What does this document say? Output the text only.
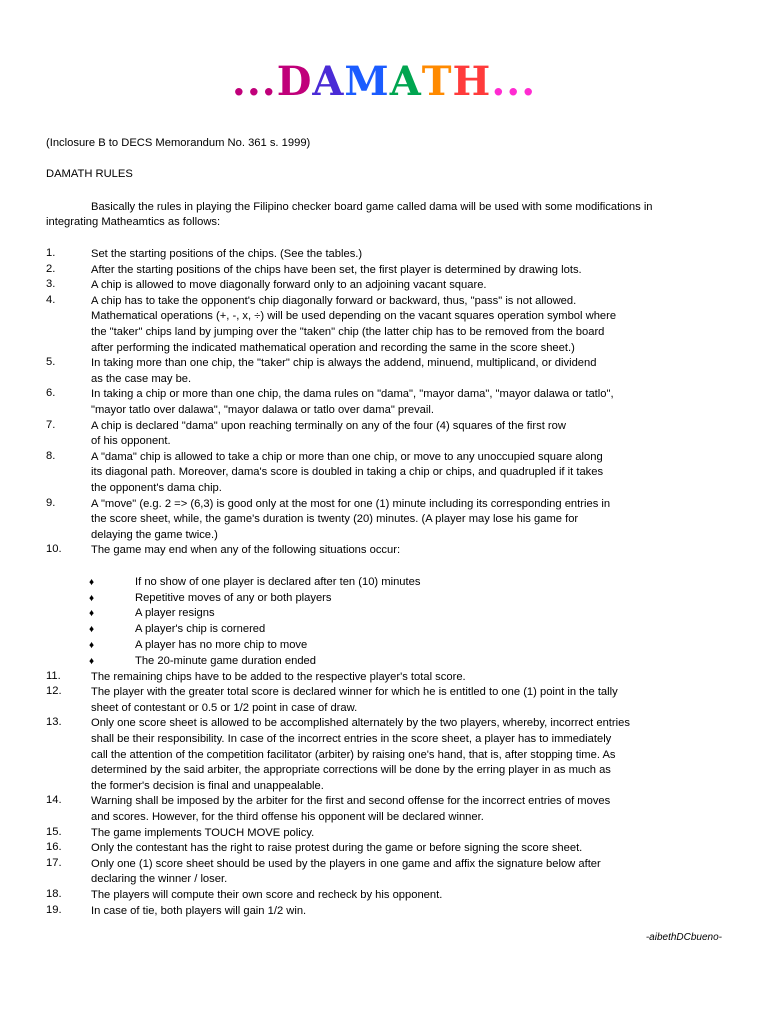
...DAMATH...
(Inclosure B to DECS Memorandum No. 361 s. 1999)
DAMATH RULES
Basically the rules in playing the Filipino checker board game called dama will be used with some modifications in
integrating Matheamtics as follows:
1.	Set the starting positions of the chips. (See the tables.)
2.	After the starting positions of the chips have been set, the first player is determined by drawing lots.
3.	A chip is allowed to move diagonally forward only to an adjoining vacant square.
4.	A chip has to take the opponent's chip diagonally forward or backward, thus, "pass" is not allowed.
Mathematical operations (+, -, x, ÷) will be used depending on the vacant squares operation symbol where
the "taker" chips land by jumping over the "taken" chip (the latter chip has to be removed from the board
after performing the indicated mathematical operation and recording the same in the score sheet.)
5.	In taking more than one chip, the "taker" chip is always the addend, minuend, multiplicand, or dividend
as the case may be.
6.	In taking a chip or more than one chip, the dama rules on "dama", "mayor dama", "mayor dalawa or tatlo",
"mayor tatlo over dalawa", "mayor dalawa or tatlo over dama" prevail.
7.	A chip is declared "dama" upon reaching terminally on any of the four (4) squares of the first row
of his opponent.
8.	A "dama" chip is allowed to take a chip or more than one chip, or move to any unoccupied square along
its diagonal path. Moreover, dama's score is doubled in taking a chip or chips, and quadrupled if it takes
the opponent's dama chip.
9.	A "move" (e.g. 2 => (6,3) is good only at the most for one (1) minute including its corresponding entries in
the score sheet, while, the game's duration is twenty (20) minutes. (A player may lose his game for
delaying the game twice.)
10.	The game may end when any of the following situations occur:
♦	If no show of one player is declared after ten (10) minutes
♦	Repetitive moves of any or both players
♦	A player resigns
♦	A player's chip is cornered
♦	A player has no more chip to move
♦	The 20-minute game duration ended
11.	The remaining chips have to be added to the respective player's total score.
12.	The player with the greater total score is declared winner for which he is entitled to one (1) point in the tally
sheet of contestant or 0.5 or 1/2 point in case of draw.
13.	Only one score sheet is allowed to be accomplished alternately by the two players, whereby, incorrect entries
shall be their responsibility. In case of the incorrect entries in the score sheet, a player has to immediately
call the attention of the competition facilitator (arbiter) by raising one's hand, that is, after stopping time. As
determined by the said arbiter, the appropriate corrections will be done by the erring player in as much as
the former's decision is final and unappealable.
14.	Warning shall be imposed by the arbiter for the first and second offense for the incorrect entries of moves
and scores. However, for the third offense his opponent will be declared winner.
15.	The game implements TOUCH MOVE policy.
16.	Only the contestant has the right to raise protest during the game or before signing the score sheet.
17.	Only one (1) score sheet should be used by the players in one game and affix the signature below after
declaring the winner / loser.
18.	The players will compute their own score and recheck by his opponent.
19.	In case of tie, both players will gain 1/2 win.
-aibethDCbueno-
